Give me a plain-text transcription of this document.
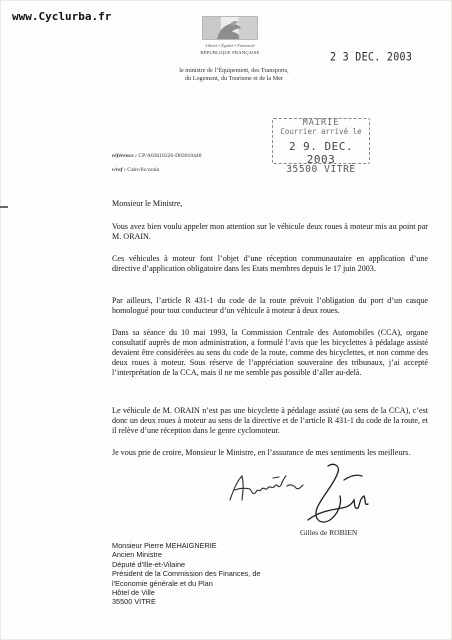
www.Cyclurba.fr
Liberté • Égalité • Fraternité
RÉPUBLIQUE FRANÇAISE
le ministre de l’Équipement, des Transports,
du Logement, du Tourisme et de la Mer
2 3 DEC. 2003
MAIRIE
Courrier arrivé le
2 9. DEC. 2003
35500 VITRÉ
référence : CP/A03018226-D03010448
v/ref : Cabv/llc/orain

Monsieur le Ministre,

Vous avez bien voulu appeler mon attention sur le véhicule deux roues à moteur mis au point par M. ORAIN.

Ces véhicules à moteur font l’objet d’une réception communautaire en application d’une directive d’application obligatoire dans les Etats membres depuis le 17 juin 2003.

Par ailleurs, l’article R 431-1 du code de la route prévoit l’obligation du port d’un casque homologué pour tout conducteur d’un véhicule à moteur à deux roues.

Dans sa séance du 10 mai 1993, la Commission Centrale des Automobiles (CCA), organe consultatif auprès de mon administration, a formulé l’avis que les bicyclettes à pédalage assisté devaient être considérées au sens du code de la route, comme des bicyclettes, et non comme des deux roues à moteur. Sous réserve de l’appréciation souveraine des tribunaux, j’ai accepté l’interprétation de la CCA, mais il ne me semble pas possible d’aller au-delà.

Le véhicule de M. ORAIN n’est pas une bicyclette à pédalage assisté (au sens de la CCA), c’est donc un deux roues à moteur au sens de la directive et de l’article R 431-1 du code de la route, et il relève d’une réception dans le genre cyclomoteur.

Je vous prie de croire, Monsieur le Ministre, en l’assurance de mes sentiments les meilleurs.

Gilles de ROBIEN
Monsieur Pierre MEHAIGNERIE
Ancien Ministre
Député d'Ille-et-Vilaine
Président de la Commission des Finances, de
l'Economie générale et du Plan
Hôtel de Ville
35500 VITRE
